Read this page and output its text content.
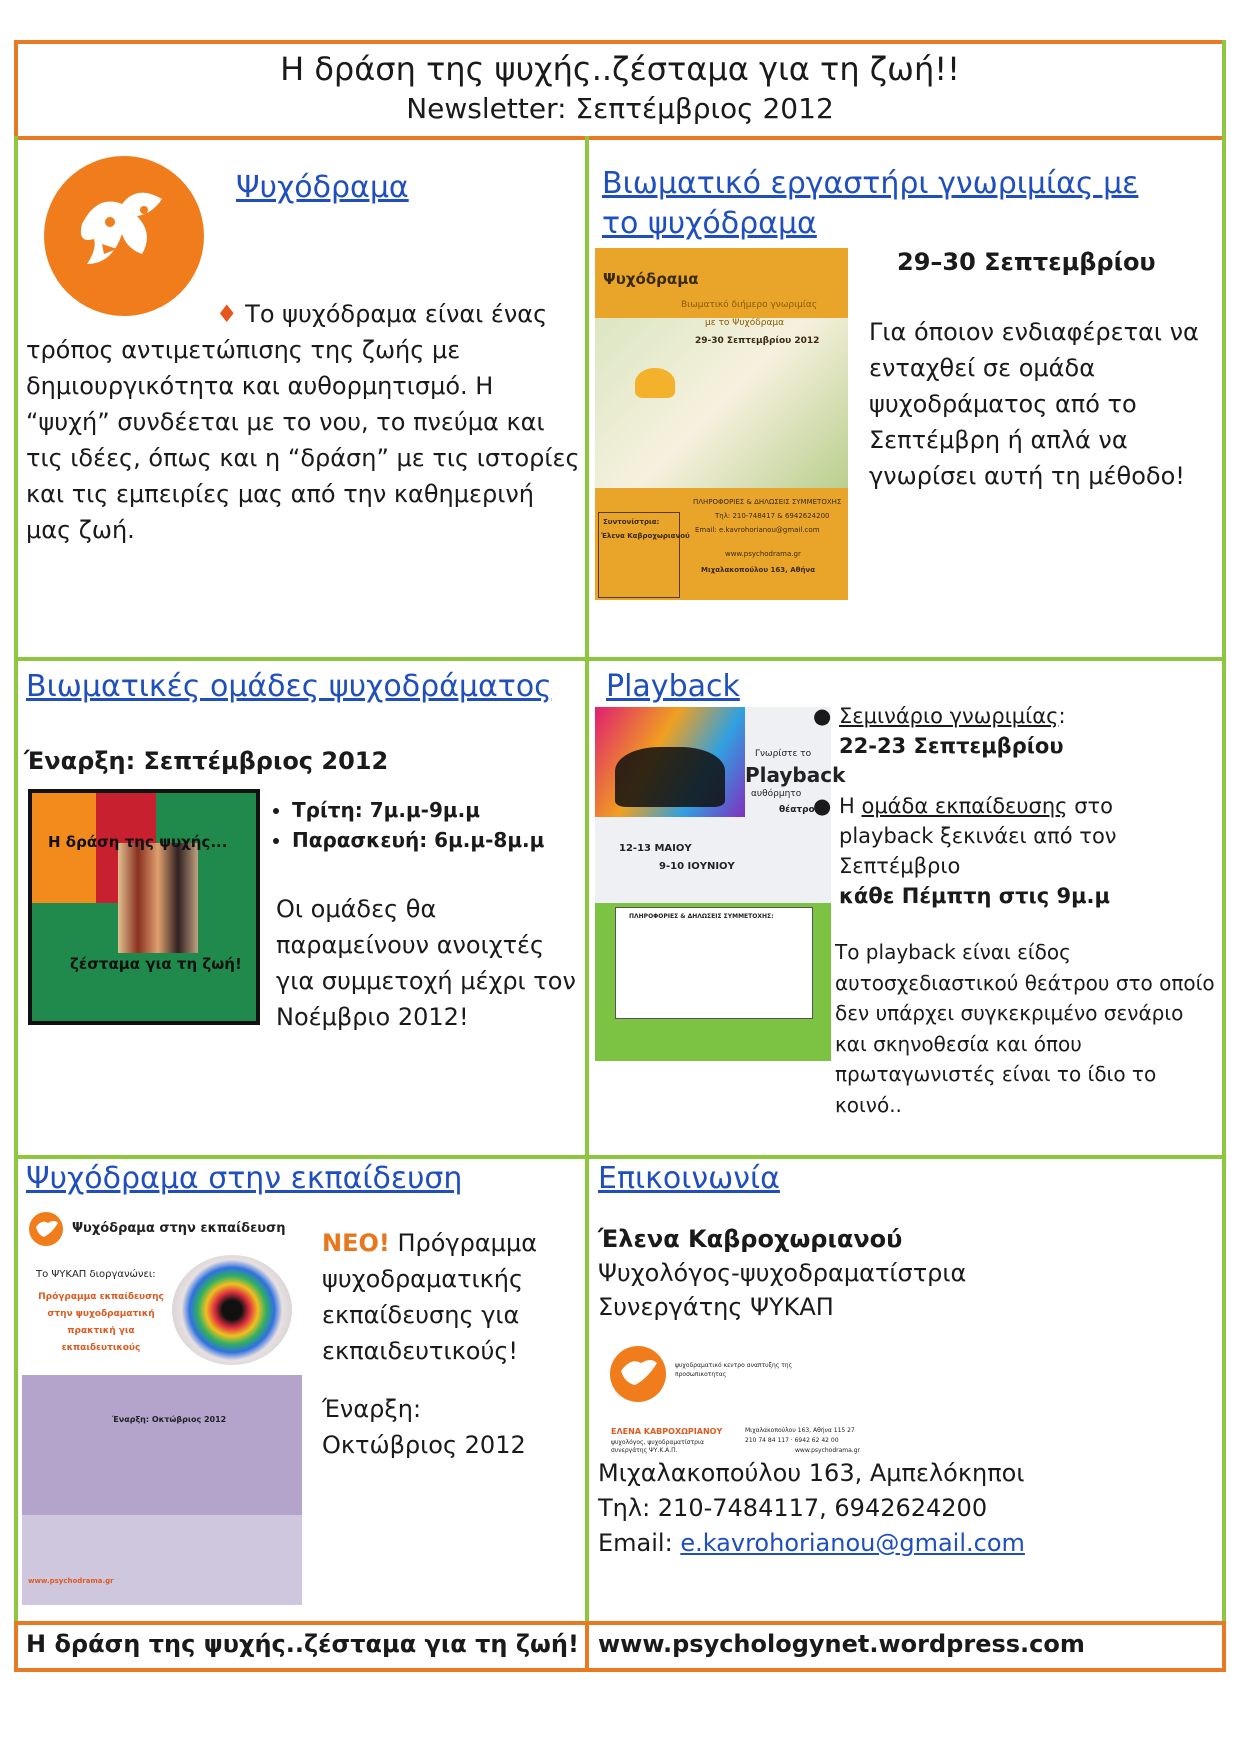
Η δράση της ψυχής..ζέσταμα για τη ζωή!!
Newsletter: Σεπτέμβριος 2012
Ψυχόδραμα
♦ Το ψυχόδραμα είναι ένας τρόπος αντιμετώπισης της ζωής με δημιουργικότητα και αυθορμητισμό. Η “ψυχή” συνδέεται με το νου, το πνεύμα και τις ιδέες, όπως και η “δράση” με τις ιστορίες και τις εμπειρίες μας από την καθημερινή μας ζωή.
Βιωματικό εργαστήρι γνωριμίας με το ψυχόδραμα
Ψυχόδραμα
Βιωματικό διήμερο γνωριμίας
με το Ψυχόδραμα
29-30 Σεπτεμβρίου 2012
ΠΛΗΡΟΦΟΡΙΕΣ & ΔΗΛΩΣΕΙΣ ΣΥΜΜΕΤΟΧΗΣ
Τηλ: 210-748417 & 6942624200
Email: e.kavrohorianou@gmail.com
www.psychodrama.gr
Μιχαλακοπούλου 163, Αθήνα
Συντονίστρια:
Έλενα Καβροχωριανού
29–30 Σεπτεμβρίου
Για όποιον ενδιαφέρεται να ενταχθεί σε ομάδα ψυχοδράματος από το Σεπτέμβρη ή απλά να γνωρίσει αυτή τη μέθοδο!
Βιωματικές ομάδες ψυχοδράματος
Έναρξη: Σεπτέμβριος 2012
Η δράση της ψυχής...
ζέσταμα για τη ζωή!
• Τρίτη: 7μ.μ-9μ.μ
• Παρασκευή: 6μ.μ-8μ.μ
Οι ομάδες θα παραμείνουν ανοιχτές για συμμετοχή μέχρι τον Νοέμβριο 2012!
Playback
Γνωρίστε το
Playback
αυθόρμητο
θέατρο!!
12-13 ΜΑΙΟΥ
9-10 ΙΟΥΝΙΟΥ
ΠΛΗΡΟΦΟΡΙΕΣ & ΔΗΛΩΣΕΙΣ ΣΥΜΜΕΤΟΧΗΣ:
● Σεμινάριο γνωριμίας:
22-23 Σεπτεμβρίου
● Η ομάδα εκπαίδευσης στο playback ξεκινάει από τον Σεπτέμβριο
κάθε Πέμπτη στις 9μ.μ
Το playback είναι είδος αυτοσχεδιαστικού θεάτρου στο οποίο δεν υπάρχει συγκεκριμένο σενάριο και σκηνοθεσία και όπου πρωταγωνιστές είναι το ίδιο το κοινό..
Ψυχόδραμα στην εκπαίδευση
Ψυχόδραμα στην εκπαίδευση
Το ΨΥΚΑΠ διοργανώνει:
Πρόγραμμα εκπαίδευσης στην ψυχοδραματική πρακτική για εκπαιδευτικούς
Έναρξη: Οκτώβριος 2012
www.psychodrama.gr
ΝΕΟ! Πρόγραμμα ψυχοδραματικής εκπαίδευσης για εκπαιδευτικούς!
Έναρξη: Οκτώβριος 2012
Επικοινωνία
Έλενα Καβροχωριανού
Ψυχολόγος-ψυχοδραματίστρια
Συνεργάτης ΨΥΚΑΠ
ψυχοδραματικό κεντρο αναπτυξης της προσωπικοτητας
ΕΛΕΝΑ ΚΑΒΡΟΧΩΡΙΑΝΟΥ
ψυχολόγος, ψυχοδραματίστρια συνεργάτης ΨΥ.Κ.Α.Π.
Μιχαλακοπούλου 163, Αθήνα 115 27
210 74 84 117 · 6942 62 42 00
www.psychodrama.gr
Μιχαλακοπούλου 163, Αμπελόκηποι
Τηλ: 210-7484117, 6942624200
Email: e.kavrohorianou@gmail.com
Η δράση της ψυχής..ζέσταμα για τη ζωή! www.psychologynet.wordpress.com
